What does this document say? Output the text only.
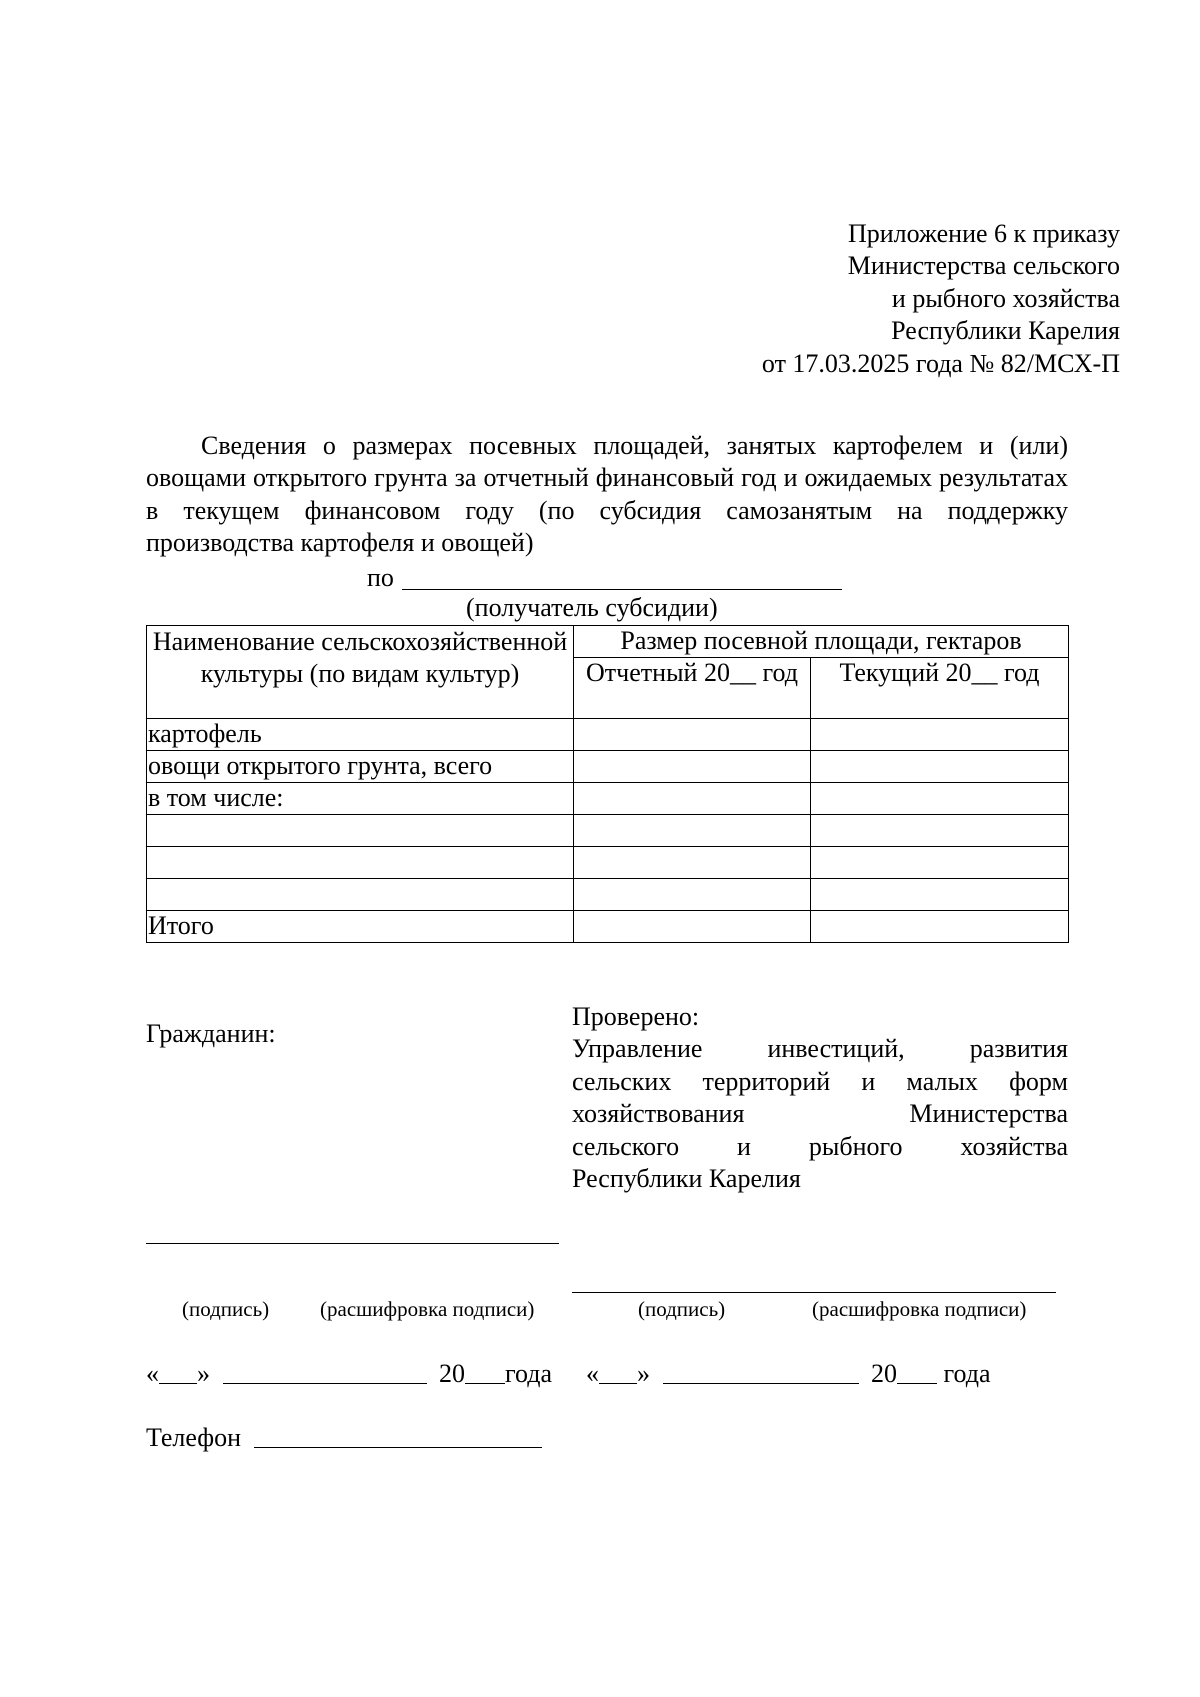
Приложение 6 к приказу
Министерства сельского
и рыбного хозяйства
Республики Карелия
от 17.03.2025 года № 82/МСХ-П
Сведения о размерах посевных площадей, занятых картофелем и (или) овощами открытого грунта за отчетный финансовый год и ожидаемых результатах в текущем финансовом году (по субсидия самозанятым на поддержку производства картофеля и овощей)
по
(получатель субсидии)
Наименование сельскохозяйственной культуры (по видам культур)	Размер посевной площади, гектаров	
	Отчетный 20__ год	Текущий 20__ год
картофель		
овощи открытого грунта, всего		
в том числе:		

Итого		
Гражданин:
Проверено:
Управление инвестиций, развития
сельских территорий и малых форм
хозяйствования Министерства
сельского и рыбного хозяйства
Республики Карелия
(подпись) (расшифровка подписи)	(подпись)	(расшифровка подписи)
« »	20 года « »	20 года
Телефон
